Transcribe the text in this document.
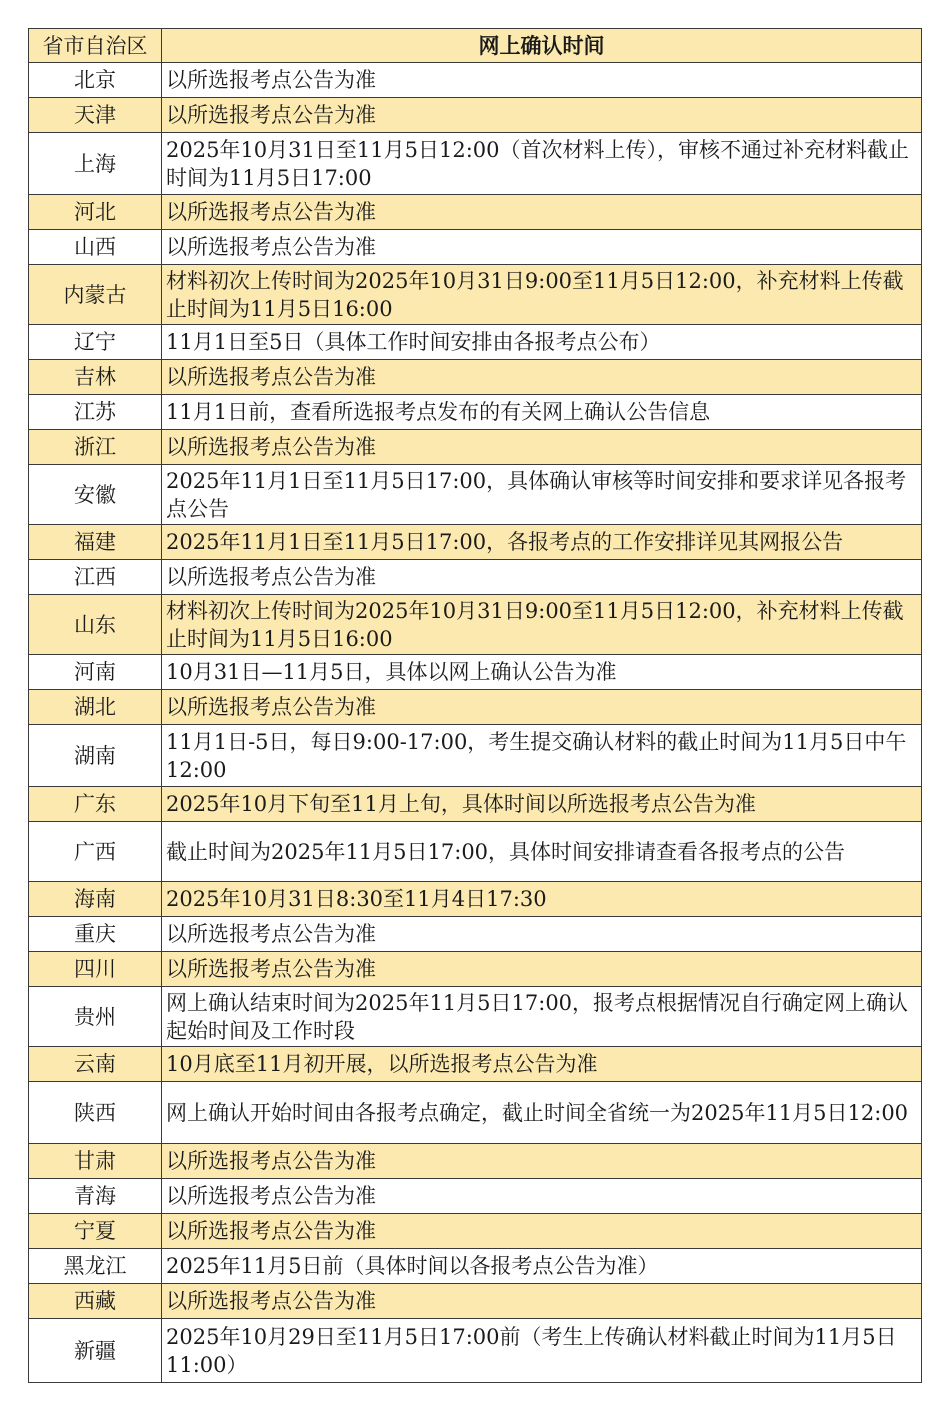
省市自治区	网上确认时间
北京	以所选报考点公告为准
天津	以所选报考点公告为准
上海	2025年10月31日至11月5日12:00（首次材料上传），审核不通过补充材料截止时间为11月5日17:00
河北	以所选报考点公告为准
山西	以所选报考点公告为准
内蒙古	材料初次上传时间为2025年10月31日9:00至11月5日12:00，补充材料上传截止时间为11月5日16:00
辽宁	11月1日至5日（具体工作时间安排由各报考点公布）
吉林	以所选报考点公告为准
江苏	11月1日前，查看所选报考点发布的有关网上确认公告信息
浙江	以所选报考点公告为准
安徽	2025年11月1日至11月5日17:00，具体确认审核等时间安排和要求详见各报考点公告
福建	2025年11月1日至11月5日17:00，各报考点的工作安排详见其网报公告
江西	以所选报考点公告为准
山东	材料初次上传时间为2025年10月31日9:00至11月5日12:00，补充材料上传截止时间为11月5日16:00
河南	10月31日—11月5日，具体以网上确认公告为准
湖北	以所选报考点公告为准
湖南	11月1日-5日，每日9:00-17:00，考生提交确认材料的截止时间为11月5日中午12:00
广东	2025年10月下旬至11月上旬，具体时间以所选报考点公告为准
广西	截止时间为2025年11月5日17:00，具体时间安排请查看各报考点的公告
海南	2025年10月31日8:30至11月4日17:30
重庆	以所选报考点公告为准
四川	以所选报考点公告为准
贵州	网上确认结束时间为2025年11月5日17:00，报考点根据情况自行确定网上确认起始时间及工作时段
云南	10月底至11月初开展，以所选报考点公告为准
陕西	网上确认开始时间由各报考点确定，截止时间全省统一为2025年11月5日12:00
甘肃	以所选报考点公告为准
青海	以所选报考点公告为准
宁夏	以所选报考点公告为准
黑龙江	2025年11月5日前（具体时间以各报考点公告为准）
西藏	以所选报考点公告为准
新疆	2025年10月29日至11月5日17:00前（考生上传确认材料截止时间为11月5日11:00）
